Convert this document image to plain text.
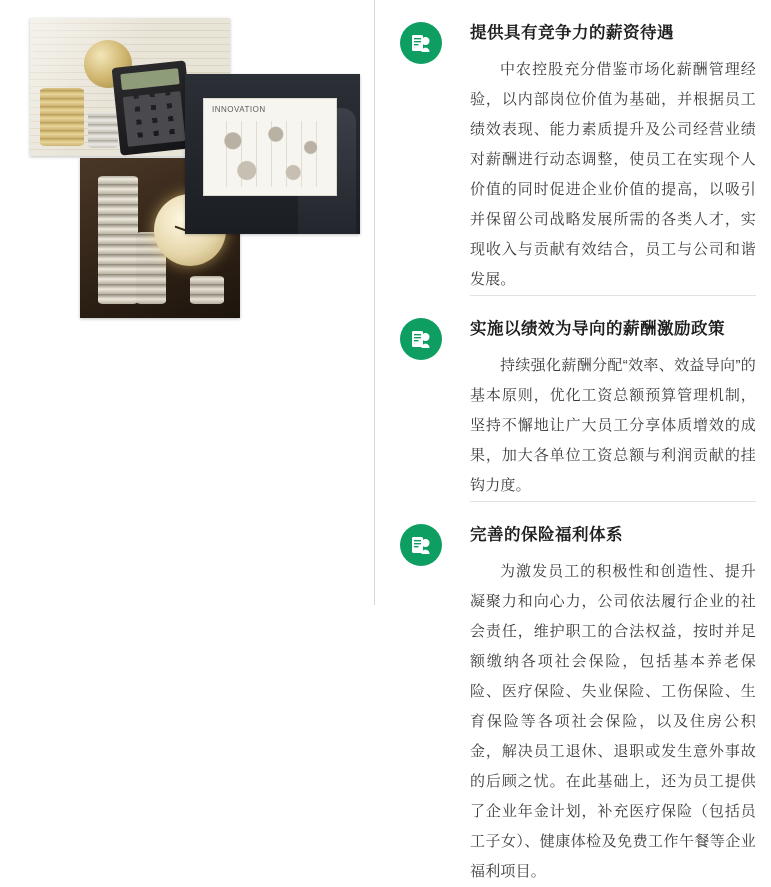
INNOVATION
提供具有竞争力的薪资待遇

中农控股充分借鉴市场化薪酬管理经验，以内部岗位价值为基础，并根据员工绩效表现、能力素质提升及公司经营业绩对薪酬进行动态调整，使员工在实现个人价值的同时促进企业价值的提高，以吸引并保留公司战略发展所需的各类人才，实现收入与贡献有效结合，员工与公司和谐发展。

实施以绩效为导向的薪酬激励政策

持续强化薪酬分配“效率、效益导向”的基本原则，优化工资总额预算管理机制，坚持不懈地让广大员工分享体质增效的成果，加大各单位工资总额与利润贡献的挂钩力度。

完善的保险福利体系

为激发员工的积极性和创造性、提升凝聚力和向心力，公司依法履行企业的社会责任，维护职工的合法权益，按时并足额缴纳各项社会保险，包括基本养老保险、医疗保险、失业保险、工伤保险、生育保险等各项社会保险，以及住房公积金，解决员工退休、退职或发生意外事故的后顾之忧。在此基础上，还为员工提供了企业年金计划，补充医疗保险（包括员工子女）、健康体检及免费工作午餐等企业福利项目。
